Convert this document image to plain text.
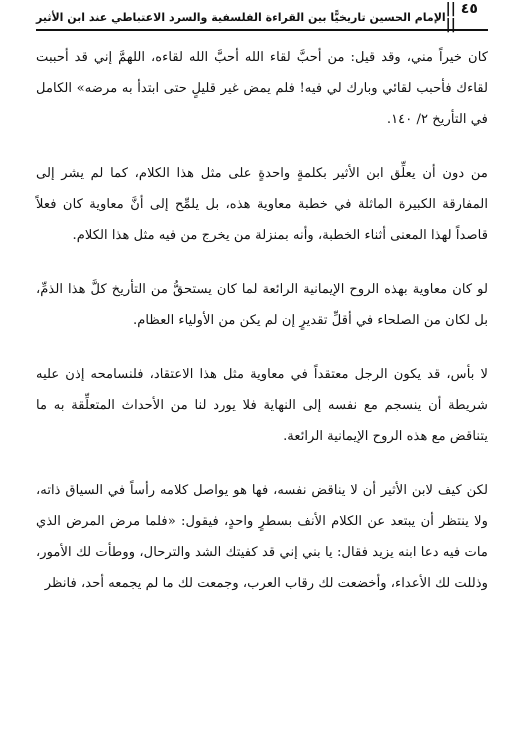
|| ٤٥ ||
الإمام الحسين تاريخيًّا بين القراءة الفلسفية والسرد الاعتباطي عند ابن الأثير

كان خيراً مني، وقد قيل: من أحبَّ لقاء الله أحبَّ الله لقاءه، اللهمَّ إني قد أحببت لقاءك فأحبب لقائي وبارك لي فيه! فلم يمض غير قليلٍ حتى ابتدأ به مرضه» الكامل في التأريخ ٢/ ١٤٠.

من دون أن يعلِّق ابن الأثير بكلمةٍ واحدةٍ على مثل هذا الكلام، كما لم يشر إلى المفارقة الكبيرة الماثلة في خطبة معاوية هذه، بل يلمِّح إلى أنَّ معاوية كان فعلاً قاصداً لهذا المعنى أثناء الخطبة، وأنه بمنزلة من يخرج من فيه مثل هذا الكلام.

لو كان معاوية بهذه الروح الإيمانية الرائعة لما كان يستحقُّ من التأريخ كلَّ هذا الذمِّ، بل لكان من الصلحاء في أقلِّ تقديرٍ إن لم يكن من الأولياء العظام.

لا بأس، قد يكون الرجل معتقداً في معاوية مثل هذا الاعتقاد، فلنسامحه إذن عليه شريطة أن ينسجم مع نفسه إلى النهاية فلا يورد لنا من الأحداث المتعلِّقة به ما يتناقض مع هذه الروح الإيمانية الرائعة.

لكن كيف لابن الأثير أن لا يناقض نفسه، فها هو يواصل كلامه رأساً في السياق ذاته، ولا ينتظر أن يبتعد عن الكلام الأنف بسطرٍ واحدٍ، فيقول: «فلما مرض المرض الذي مات فيه دعا ابنه يزيد فقال: يا بني إني قد كفيتك الشد والترحال، ووطأت لك الأمور، وذللت لك الأعداء، وأخضعت لك رقاب العرب، وجمعت لك ما لم يجمعه أحد، فانظر
